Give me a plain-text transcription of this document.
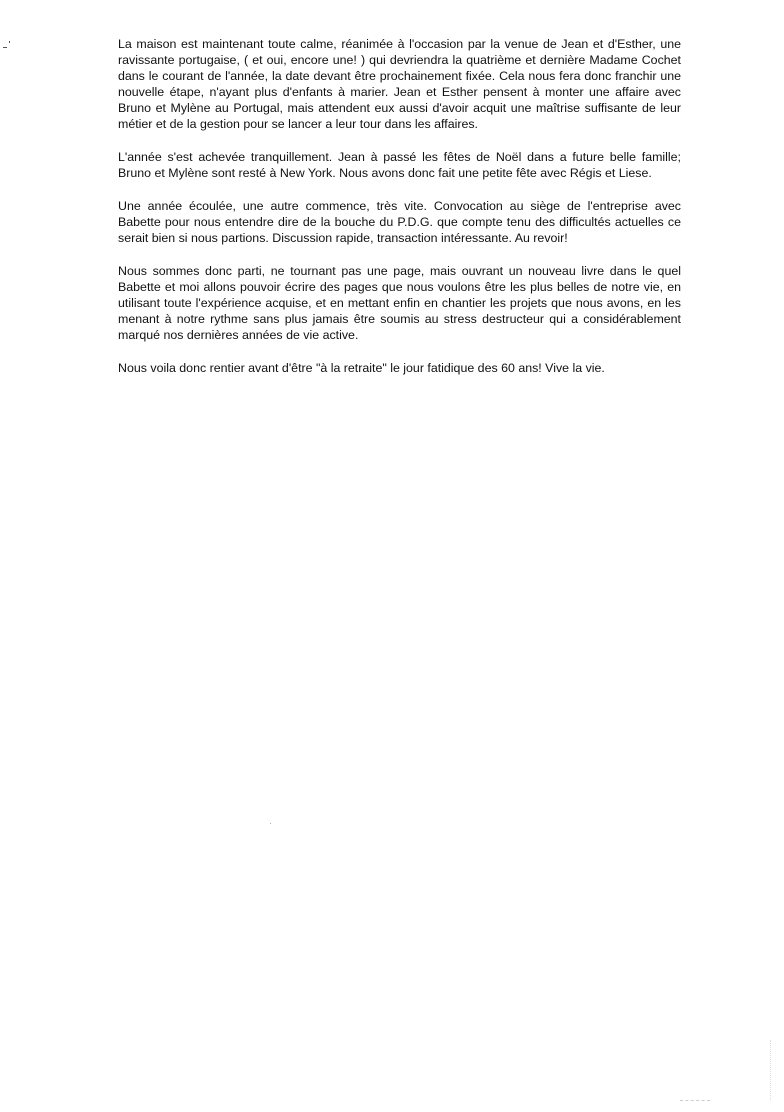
La maison est maintenant toute calme, réanimée à l'occasion par la venue de Jean et d'Esther, une ravissante portugaise, ( et oui, encore une! ) qui devriendra la quatrième et dernière Madame Cochet dans le courant de l'année, la date devant être prochainement fixée. Cela nous fera donc franchir une nouvelle étape, n'ayant plus d'enfants à marier. Jean et Esther pensent à monter une affaire avec Bruno et Mylène au Portugal, mais attendent eux aussi d'avoir acquit une maîtrise suffisante de leur métier et de la gestion pour se lancer a leur tour dans les affaires.

L'année s'est achevée tranquillement. Jean à passé les fêtes de Noël dans a future belle famille; Bruno et Mylène sont resté à New York. Nous avons donc fait une petite fête avec Régis et Liese.

Une année écoulée, une autre commence, très vite. Convocation au siège de l'entreprise avec Babette pour nous entendre dire de la bouche du P.D.G. que compte tenu des difficultés actuelles ce serait bien si nous partions. Discussion rapide, transaction intéressante. Au revoir!

Nous sommes donc parti, ne tournant pas une page, mais ouvrant un nouveau livre dans le quel Babette et moi allons pouvoir écrire des pages que nous voulons être les plus belles de notre vie, en utilisant toute l'expérience acquise, et en mettant enfin en chantier les projets que nous avons, en les menant à notre rythme sans plus jamais être soumis au stress destructeur qui a considérablement marqué nos dernières années de vie active.

Nous voila donc rentier avant d'être "à la retraite" le jour fatidique des 60 ans! Vive la vie.
